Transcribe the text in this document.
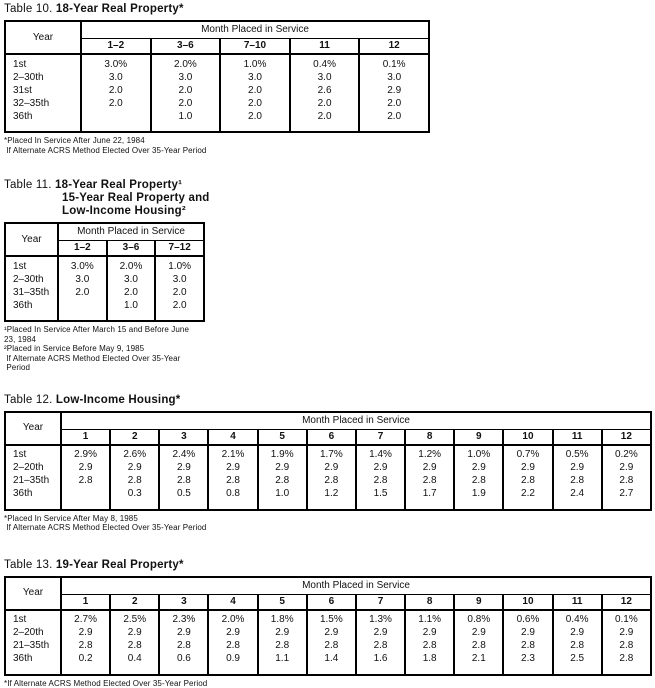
Table 10. 18-Year Real Property*
Year	Month Placed in Service				
	1–2	3–6	7–10	11	12
1st	3.0%	2.0%	1.0%	0.4%	0.1%
2–30th	3.0	3.0	3.0	3.0	3.0
31st	2.0	2.0	2.0	2.6	2.9
32–35th	2.0	2.0	2.0	2.0	2.0
36th		1.0	2.0	2.0	2.0
*Placed In Service After June 22, 1984
If Alternate ACRS Method Elected Over 35-Year Period
Table 11. 18-Year Real Property¹
15-Year Real Property and
Low-Income Housing²
Year	Month Placed in Service		
	1–2	3–6	7–12
1st	3.0%	2.0%	1.0%
2–30th	3.0	3.0	3.0
31–35th	2.0	2.0	2.0
36th		1.0	2.0
¹Placed In Service After March 15 and Before June
23, 1984
²Placed in Service Before May 9, 1985
If Alternate ACRS Method Elected Over 35-Year
Period
Table 12. Low-Income Housing*
Year	Month Placed in Service											
	1	2	3	4	5	6	7	8	9	10	11	12
1st	2.9%	2.6%	2.4%	2.1%	1.9%	1.7%	1.4%	1.2%	1.0%	0.7%	0.5%	0.2%
2–20th	2.9	2.9	2.9	2.9	2.9	2.9	2.9	2.9	2.9	2.9	2.9	2.9
21–35th	2.8	2.8	2.8	2.8	2.8	2.8	2.8	2.8	2.8	2.8	2.8	2.8
36th		0.3	0.5	0.8	1.0	1.2	1.5	1.7	1.9	2.2	2.4	2.7
*Placed In Service After May 8, 1985
If Alternate ACRS Method Elected Over 35-Year Period
Table 13. 19-Year Real Property*
Year	Month Placed in Service											
	1	2	3	4	5	6	7	8	9	10	11	12
1st	2.7%	2.5%	2.3%	2.0%	1.8%	1.5%	1.3%	1.1%	0.8%	0.6%	0.4%	0.1%
2–20th	2.9	2.9	2.9	2.9	2.9	2.9	2.9	2.9	2.9	2.9	2.9	2.9
21–35th	2.8	2.8	2.8	2.8	2.8	2.8	2.8	2.8	2.8	2.8	2.8	2.8
36th	0.2	0.4	0.6	0.9	1.1	1.4	1.6	1.8	2.1	2.3	2.5	2.8
*If Alternate ACRS Method Elected Over 35-Year Period
